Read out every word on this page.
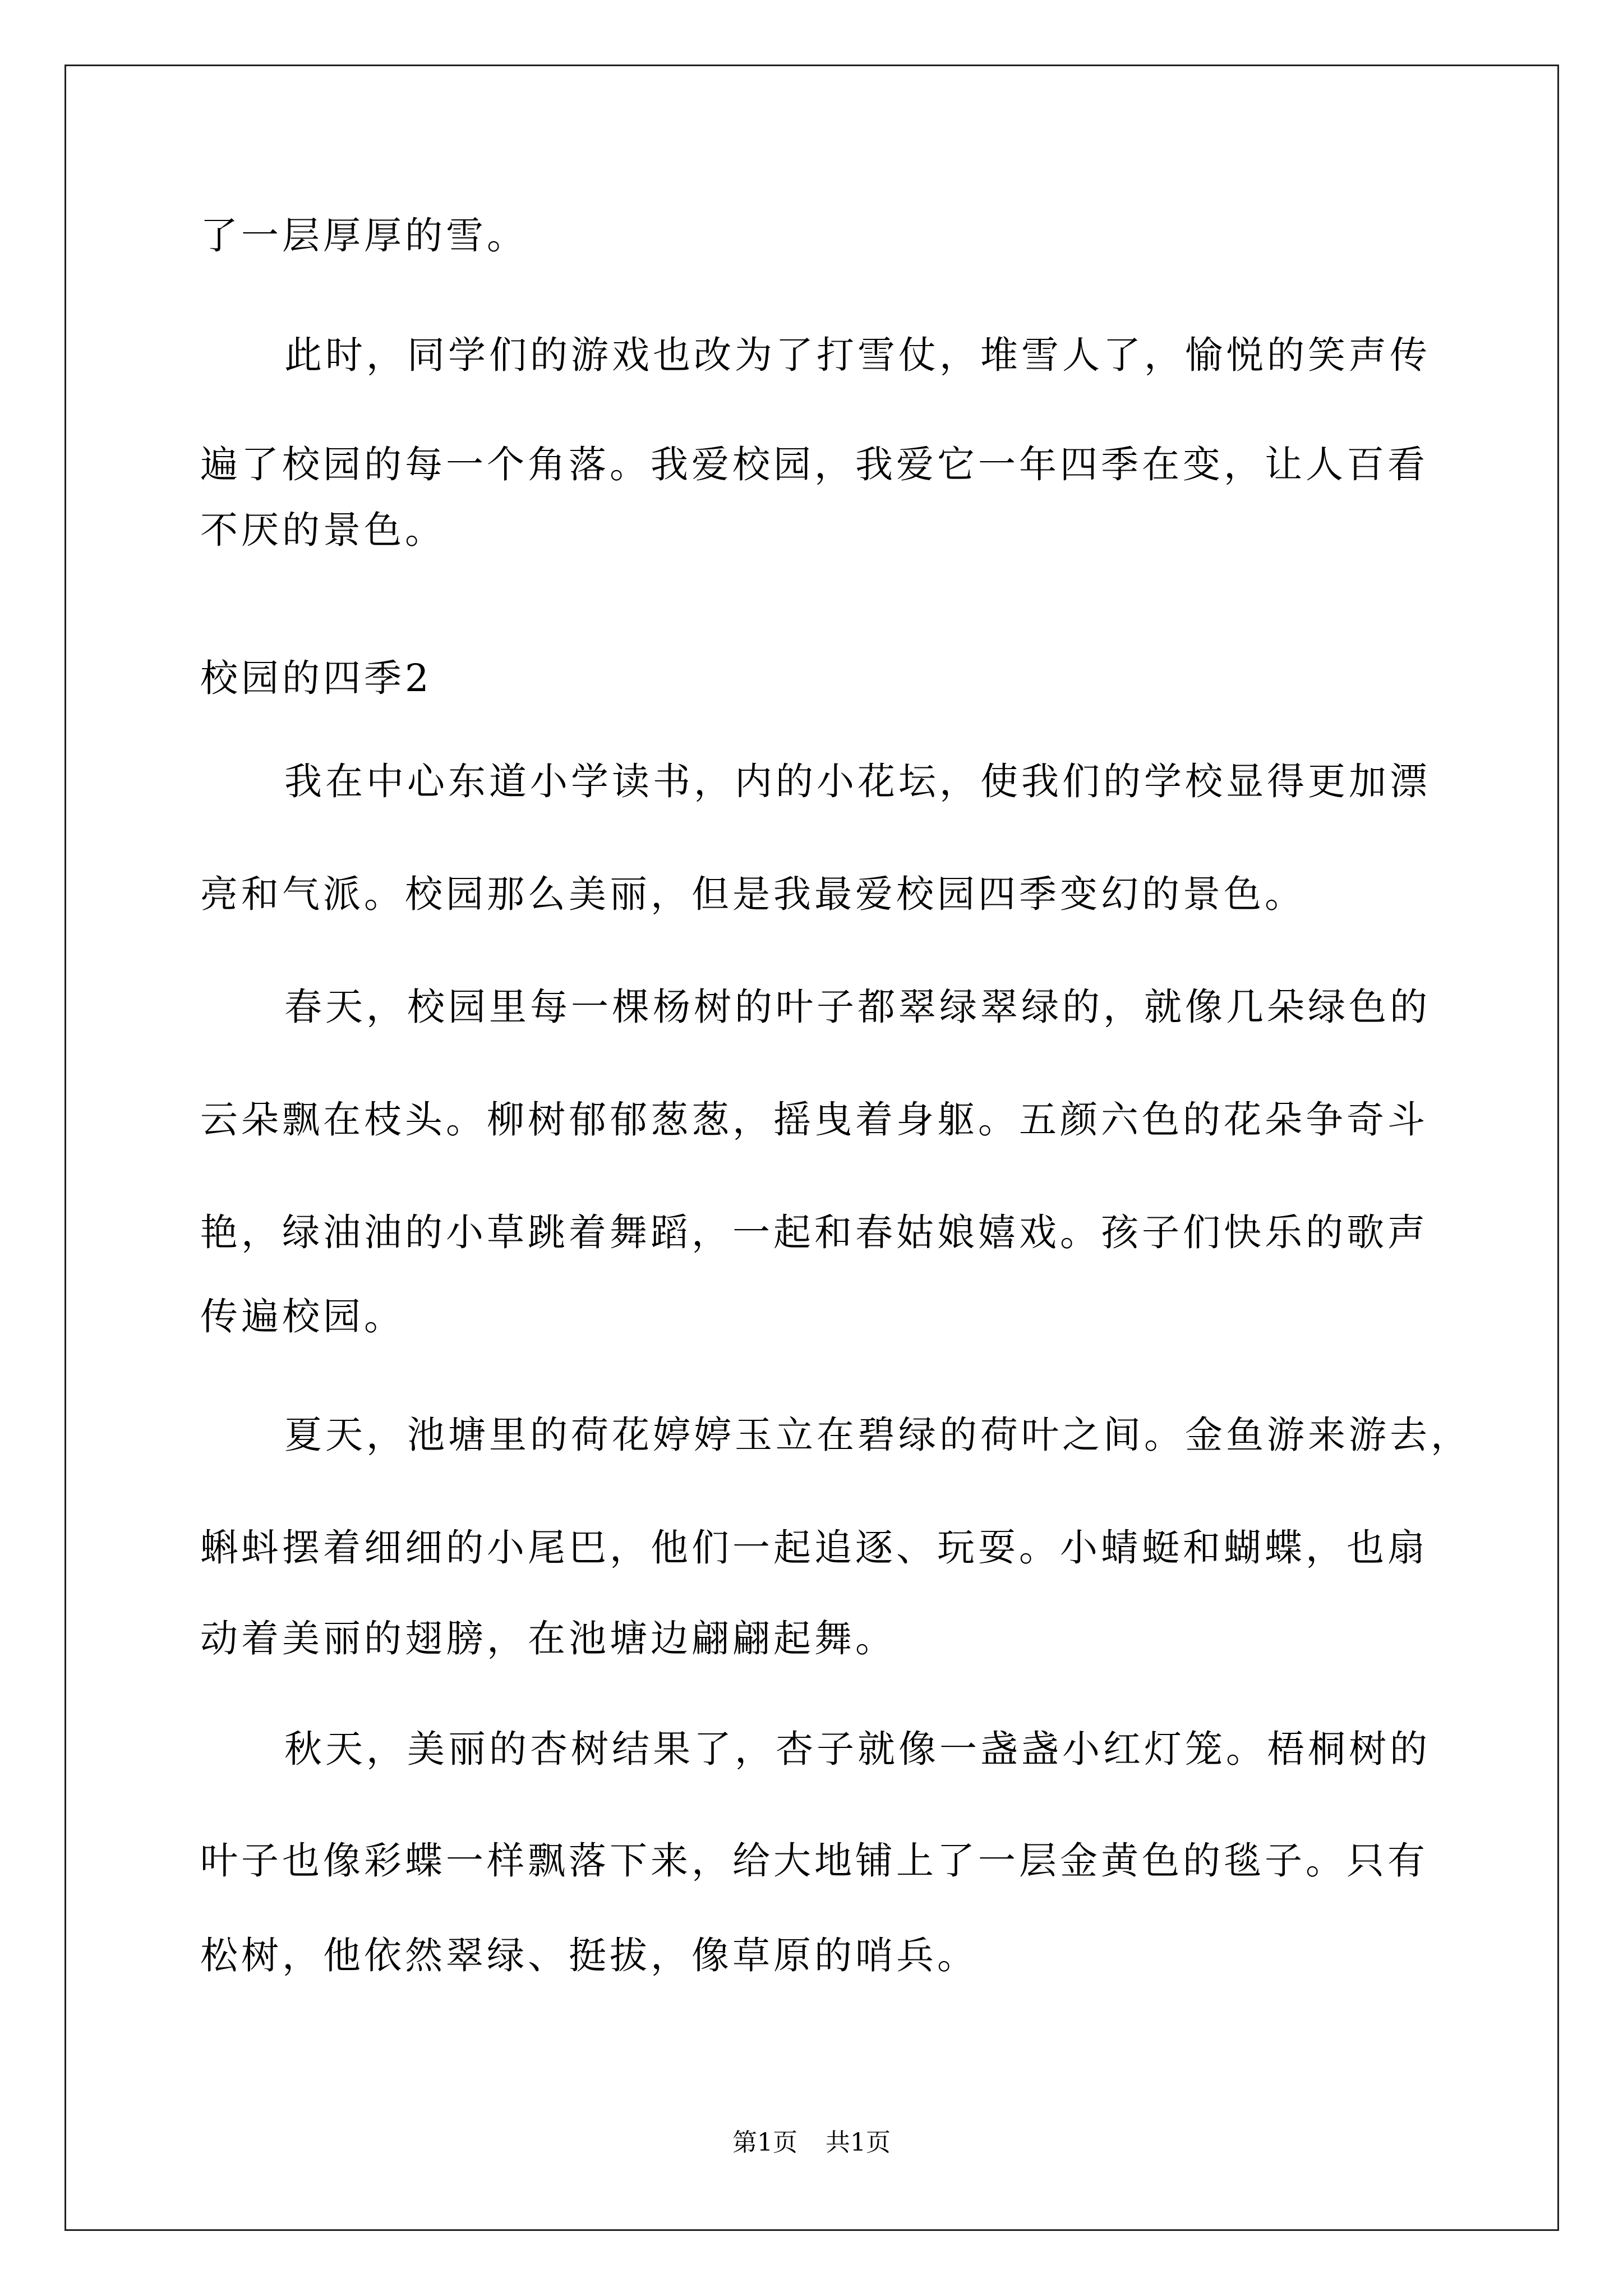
了一层厚厚的雪。
此时，同学们的游戏也改为了打雪仗，堆雪人了，愉悦的笑声传
遍了校园的每一个角落。我爱校园，我爱它一年四季在变，让人百看
不厌的景色。
校园的四季2
我在中心东道小学读书，内的小花坛，使我们的学校显得更加漂
亮和气派。校园那么美丽，但是我最爱校园四季变幻的景色。
春天，校园里每一棵杨树的叶子都翠绿翠绿的，就像几朵绿色的
云朵飘在枝头。柳树郁郁葱葱，摇曳着身躯。五颜六色的花朵争奇斗
艳，绿油油的小草跳着舞蹈，一起和春姑娘嬉戏。孩子们快乐的歌声
传遍校园。
夏天，池塘里的荷花婷婷玉立在碧绿的荷叶之间。金鱼游来游去，
蝌蚪摆着细细的小尾巴，他们一起追逐、玩耍。小蜻蜓和蝴蝶，也扇
动着美丽的翅膀，在池塘边翩翩起舞。
秋天，美丽的杏树结果了，杏子就像一盏盏小红灯笼。梧桐树的
叶子也像彩蝶一样飘落下来，给大地铺上了一层金黄色的毯子。只有
松树，他依然翠绿、挺拔，像草原的哨兵。
第1页 共1页
